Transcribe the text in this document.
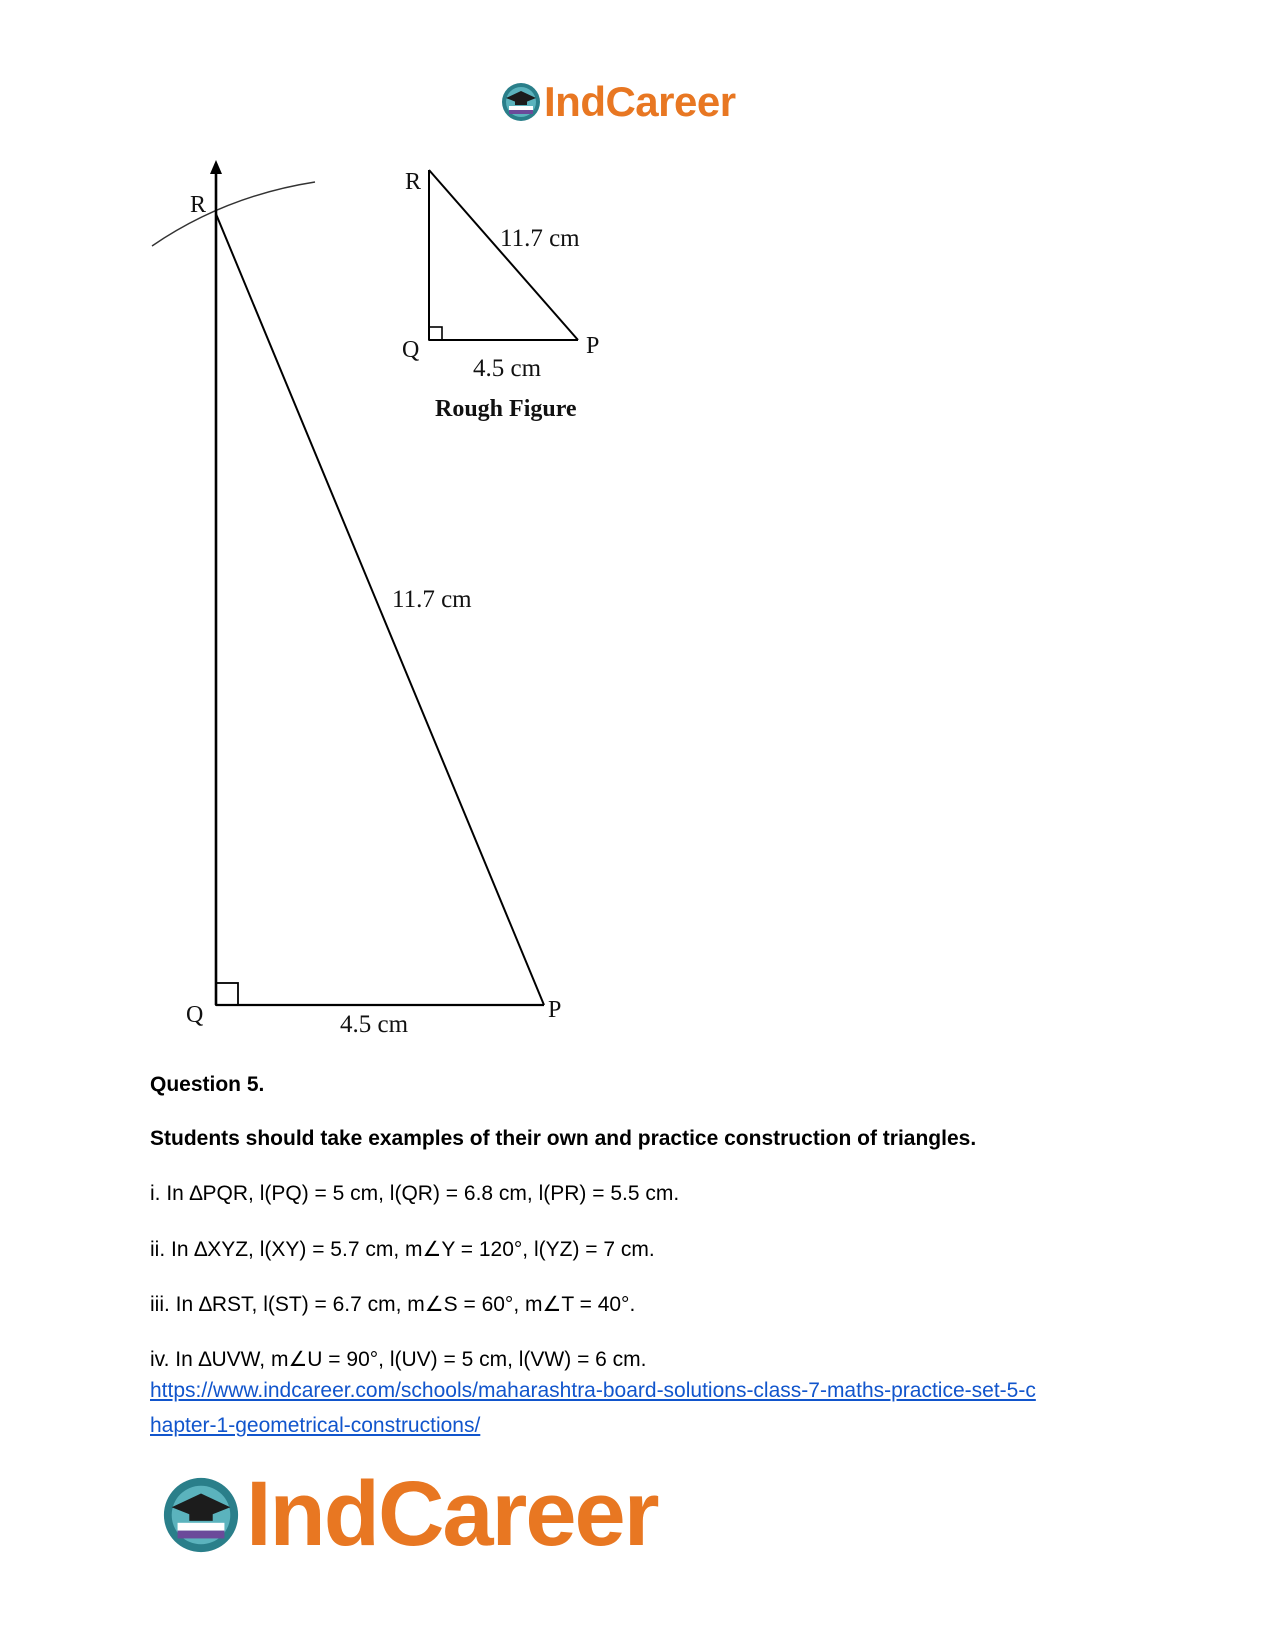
IndCareer
R
Q	P
11.7 cm
4.5 cm
R
Q	P
11.7 cm
4.5 cm
Rough Figure
Question 5.
Students should take examples of their own and practice construction of triangles.
i. In ∆PQR, l(PQ) = 5 cm, l(QR) = 6.8 cm, l(PR) = 5.5 cm.
ii. In ∆XYZ, l(XY) = 5.7 cm, m∠Y = 120°, l(YZ) = 7 cm.
iii. In ∆RST, l(ST) = 6.7 cm, m∠S = 60°, m∠T = 40°.
iv. In ∆UVW, m∠U = 90°, l(UV) = 5 cm, l(VW) = 6 cm.
https://www.indcareer.com/schools/maharashtra-board-solutions-class-7-maths-practice-set-5-c
hapter-1-geometrical-constructions/
IndCareer
